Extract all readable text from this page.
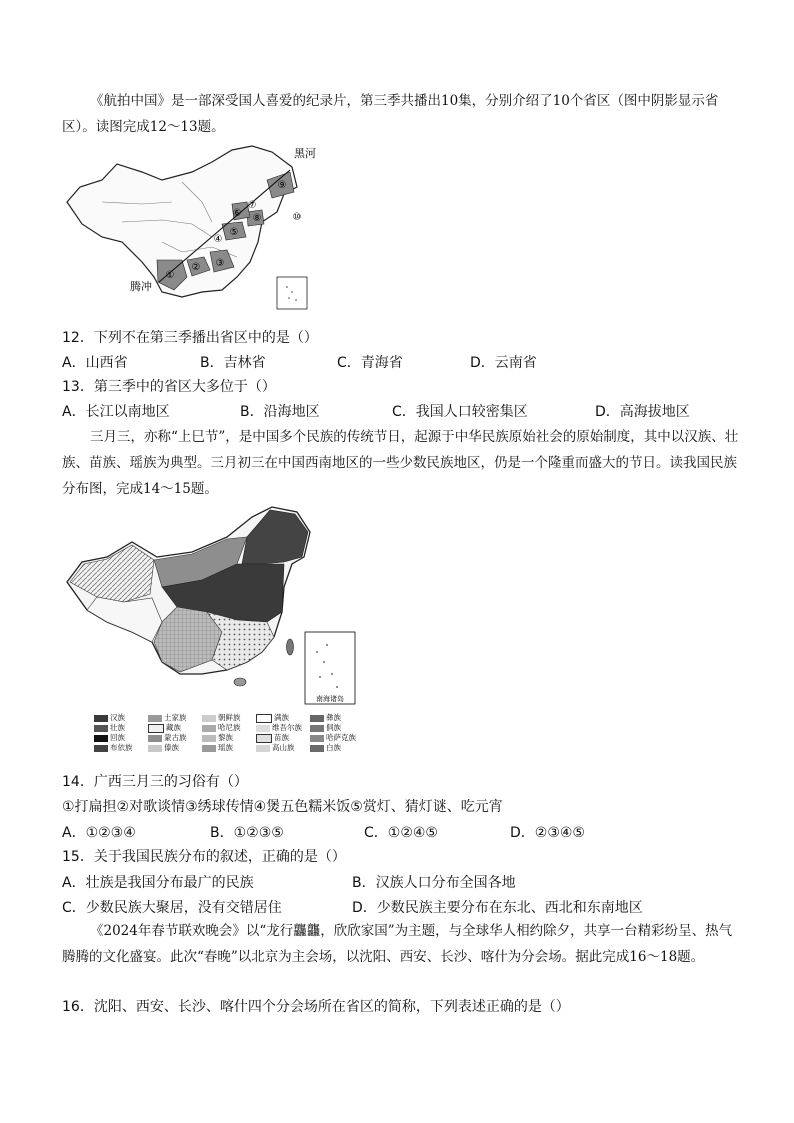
《航拍中国》是一部深受国人喜爱的纪录片，第三季共播出10集，分别介绍了10个省区（图中阴影显示省区）。读图完成12～13题。

①
② ③
④
⑤
⑥
⑦
⑧
⑨
⑩
黑河
腾冲

12．下列不在第三季播出省区中的是（）

A．山西省	B．吉林省	C．青海省	D．云南省

13．第三季中的省区大多位于（）

A．长江以南地区	B．沿海地区	C．我国人口较密集区	D．高海拔地区

三月三，亦称“上巳节”，是中国多个民族的传统节日，起源于中华民族原始社会的原始制度，其中以汉族、壮族、苗族、瑶族为典型。三月初三在中国西南地区的一些少数民族地区，仍是一个隆重而盛大的节日。读我国民族分布图，完成14～15题。

南海诸岛
汉族	土家族	朝鲜族	满族	彝族
壮族	藏族	哈尼族	维吾尔族	侗族
回族	蒙古族	黎族	苗族	哈萨克族
布依族	傣族	瑶族	高山族	白族

14．广西三月三的习俗有（）

①打扁担②对歌谈情③绣球传情④煲五色糯米饭⑤赏灯、猜灯谜、吃元宵

A．①②③④	B．①②③⑤	C．①②④⑤	D．②③④⑤

15．关于我国民族分布的叙述，正确的是（）

A．壮族是我国分布最广的民族	B．汉族人口分布全国各地
C．少数民族大聚居，没有交错居住	D．少数民族主要分布在东北、西北和东南地区

《2024年春节联欢晚会》以“龙行龘龘，欣欣家国”为主题，与全球华人相约除夕，共享一台精彩纷呈、热气腾腾的文化盛宴。此次“春晚”以北京为主会场，以沈阳、西安、长沙、喀什为分会场。据此完成16～18题。

16．沈阳、西安、长沙、喀什四个分会场所在省区的简称，下列表述正确的是（）
